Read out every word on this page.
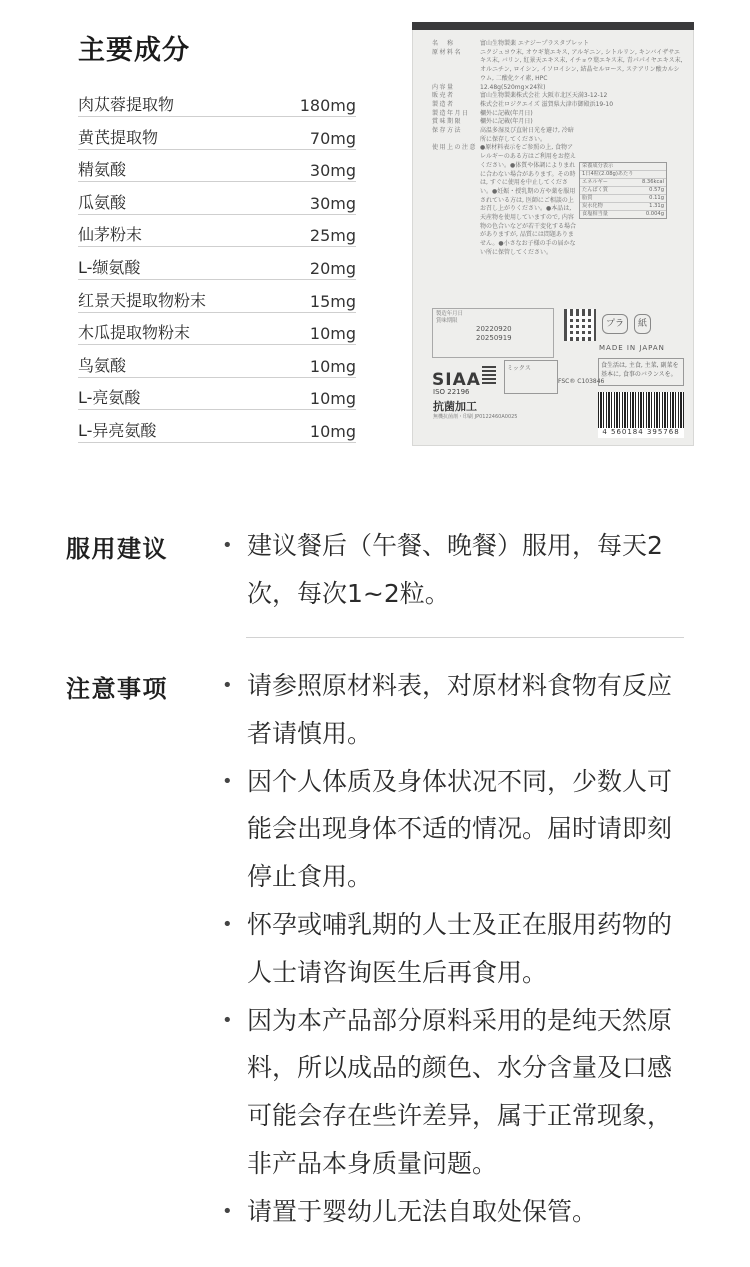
主要成分
肉苁蓉提取物	180mg
黄芪提取物	70mg
精氨酸	30mg
瓜氨酸	30mg
仙茅粉末	25mg
L-缬氨酸	20mg
红景天提取物粉末	15mg
木瓜提取物粉末	10mg
鸟氨酸	10mg
L-亮氨酸	10mg
L-异亮氨酸	10mg
名　称	富山生物製薬 エナジープラスタブレット
原材料名	ニクジュヨウ末, オウギ葉エキス, アルギニン, シトルリン, キンバイザサエキス末, バリン, 紅景天エキス末, イチョウ葉エキス末, 青パパイヤエキス末, オルニチン, ロイシン, イソロイシン, 結晶セルロース, ステアリン酸カルシウム, 二酸化ケイ素, HPC
内容量	12.48g(520mg×24粒)
販売者	富山生物製薬株式会社 大阪市北区天満3-12-12
製造者	株式会社ロジクエイズ 滋賀県大津市御殿浜19-10
製造年月日	欄外に記載(年月日)
賞味期限	欄外に記載(年月日)
保存方法	高温多湿及び直射日光を避け, 冷暗所に保存してください。
使用上の注意 ●原材料表示をご参照の上, 食物アレルギーのある方はご利用をお控えください。●体質や体調によりまれに合わない場合があります。その時は, すぐに使用を中止してください。●妊娠・授乳期の方や薬を服用されている方は, 医師にご相談の上お召し上がりください。●本品は, 天産物を使用していますので, 内容物の色合いなどが若干変化する場合がありますが, 品質には問題ありません。●小さなお子様の手の届かない所に保管してください。
栄養成分表示
1日4粒(2.08g)あたり
エネルギー	8.36kcal
たんぱく質	0.57g
脂質	0.11g
炭水化物	1.31g
食塩相当量	0.004g
製造年月日
賞味期限
20220920
20250919
プラ	紙
MADE IN JAPAN
食生活は, 主食, 主菜, 副菜を基本に, 食事のバランスを。
SIAA
ISO 22196
抗菌加工
無機抗菌剤・印刷 JP0122460A0025
ミックス
FSC® C103846
4 560184 395768
服用建议	• 建议餐后（午餐、晚餐）服用，每天2次，每次1~2粒。
注意事项	• 请参照原材料表，对原材料食物有反应者请慎用。
• 因个人体质及身体状况不同，少数人可能会出现身体不适的情况。届时请即刻停止食用。
• 怀孕或哺乳期的人士及正在服用药物的人士请咨询医生后再食用。
• 因为本产品部分原料采用的是纯天然原料，所以成品的颜色、水分含量及口感可能会存在些许差异，属于正常现象，非产品本身质量问题。
• 请置于婴幼儿无法自取处保管。
